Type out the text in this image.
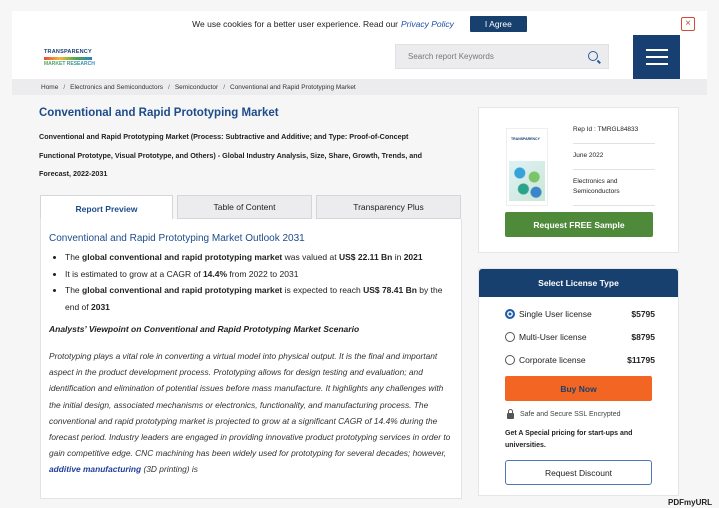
We use cookies for a better user experience. Read our Privacy Policy	I Agree	×
TRANSPARENCY
MARKET RESEARCH
Search report Keywords
Home / Electronics and Semiconductors / Semiconductor / Conventional and Rapid Prototyping Market
Conventional and Rapid Prototyping Market
Conventional and Rapid Prototyping Market (Process: Subtractive and Additive; and Type: Proof-of-Concept Functional Prototype, Visual Prototype, and Others) - Global Industry Analysis, Size, Share, Growth, Trends, and Forecast, 2022-2031
Report Preview	Table of Content	Transparency Plus
Conventional and Rapid Prototyping Market Outlook 2031
• The global conventional and rapid prototyping market was valued at US$ 22.11 Bn in 2021
• It is estimated to grow at a CAGR of 14.4% from 2022 to 2031
• The global conventional and rapid prototyping market is expected to reach US$ 78.41 Bn by the end of 2031
Analysts’ Viewpoint on Conventional and Rapid Prototyping Market Scenario
Prototyping plays a vital role in converting a virtual model into physical output. It is the final and important aspect in the product development process. Prototyping allows for design testing and evaluation; and identification and elimination of potential issues before mass manufacture. It highlights any challenges with the initial design, associated mechanisms or electronics, functionality, and manufacturing process. The conventional and rapid prototyping market is projected to grow at a significant CAGR of 14.4% during the forecast period. Industry leaders are engaged in providing innovative product prototyping services in order to gain competitive edge. CNC machining has been widely used for prototyping for several decades; however, additive manufacturing (3D printing) is
TRANSPARENCY
Rep Id : TMRGL84833
June 2022
Electronics and Semiconductors
Request FREE Sample
Select License Type
Single User license	$5795
Multi-User license	$8795
Corporate license	$11795
Buy Now
Safe and Secure SSL Encrypted
Get A Special pricing for start-ups and universities.
Request Discount
PDFmyURL
